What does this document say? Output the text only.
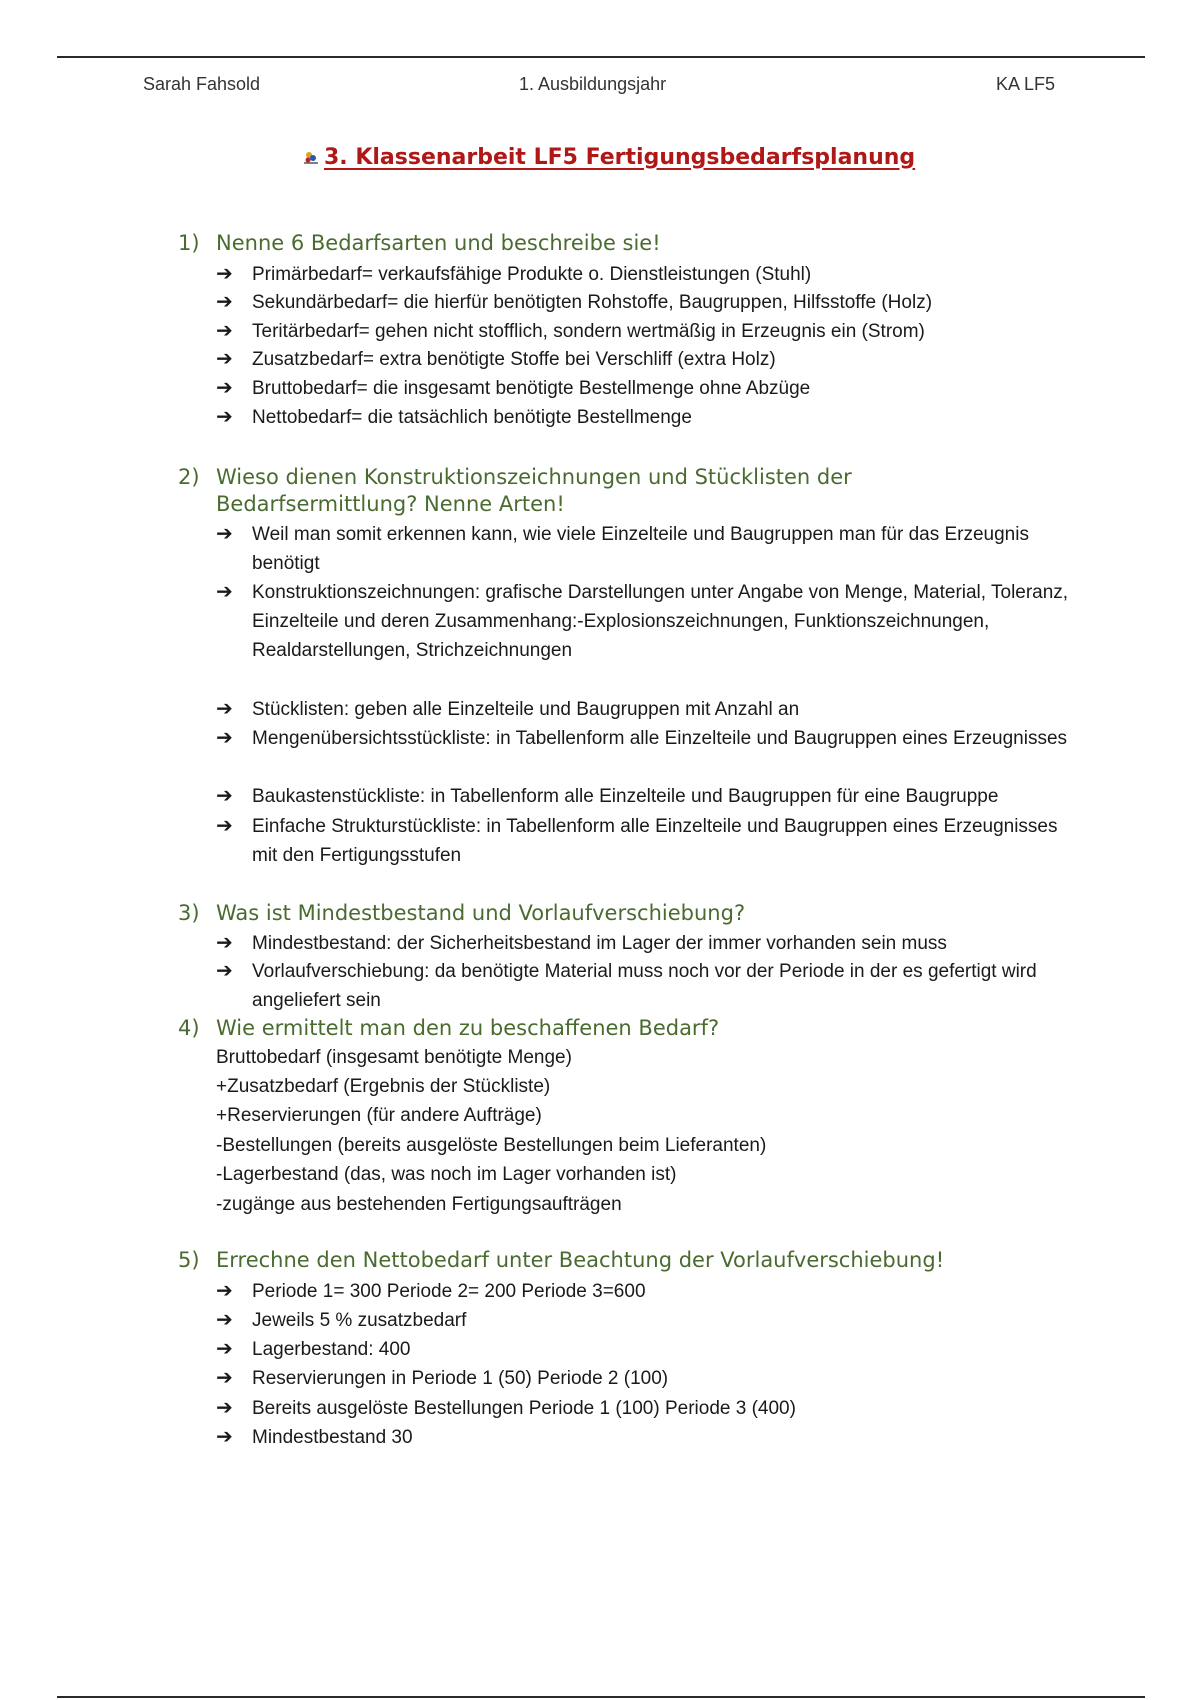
Sarah Fahsold	1. Ausbildungsjahr	KA LF5
3. Klassenarbeit LF5 Fertigungsbedarfsplanung
1) Nenne 6 Bedarfsarten und beschreibe sie!
➔ Primärbedarf= verkaufsfähige Produkte o. Dienstleistungen (Stuhl)
➔ Sekundärbedarf= die hierfür benötigten Rohstoffe, Baugruppen, Hilfsstoffe (Holz)
➔ Teritärbedarf= gehen nicht stofflich, sondern wertmäßig in Erzeugnis ein (Strom)
➔ Zusatzbedarf= extra benötigte Stoffe bei Verschliff (extra Holz)
➔ Bruttobedarf= die insgesamt benötigte Bestellmenge ohne Abzüge
➔ Nettobedarf= die tatsächlich benötigte Bestellmenge
2) Wieso dienen Konstruktionszeichnungen und Stücklisten der Bedarfsermittlung? Nenne Arten!
➔ Weil man somit erkennen kann, wie viele Einzelteile und Baugruppen man für das Erzeugnis benötigt
➔ Konstruktionszeichnungen: grafische Darstellungen unter Angabe von Menge, Material, Toleranz, Einzelteile und deren Zusammenhang:-Explosionszeichnungen, Funktionszeichnungen, Realdarstellungen, Strichzeichnungen
➔ Stücklisten: geben alle Einzelteile und Baugruppen mit Anzahl an
➔ Mengenübersichtsstückliste: in Tabellenform alle Einzelteile und Baugruppen eines Erzeugnisses
➔ Baukastenstückliste: in Tabellenform alle Einzelteile und Baugruppen für eine Baugruppe
➔ Einfache Strukturstückliste: in Tabellenform alle Einzelteile und Baugruppen eines Erzeugnisses mit den Fertigungsstufen
3) Was ist Mindestbestand und Vorlaufverschiebung?
➔ Mindestbestand: der Sicherheitsbestand im Lager der immer vorhanden sein muss
➔ Vorlaufverschiebung: da benötigte Material muss noch vor der Periode in der es gefertigt wird angeliefert sein
4) Wie ermittelt man den zu beschaffenen Bedarf?
Bruttobedarf (insgesamt benötigte Menge)
+Zusatzbedarf (Ergebnis der Stückliste)
+Reservierungen (für andere Aufträge)
-Bestellungen (bereits ausgelöste Bestellungen beim Lieferanten)
-Lagerbestand (das, was noch im Lager vorhanden ist)
-zugänge aus bestehenden Fertigungsaufträgen
5) Errechne den Nettobedarf unter Beachtung der Vorlaufverschiebung!
➔ Periode 1= 300 Periode 2= 200 Periode 3=600
➔ Jeweils 5 % zusatzbedarf
➔ Lagerbestand: 400
➔ Reservierungen in Periode 1 (50) Periode 2 (100)
➔ Bereits ausgelöste Bestellungen Periode 1 (100) Periode 3 (400)
➔ Mindestbestand 30
